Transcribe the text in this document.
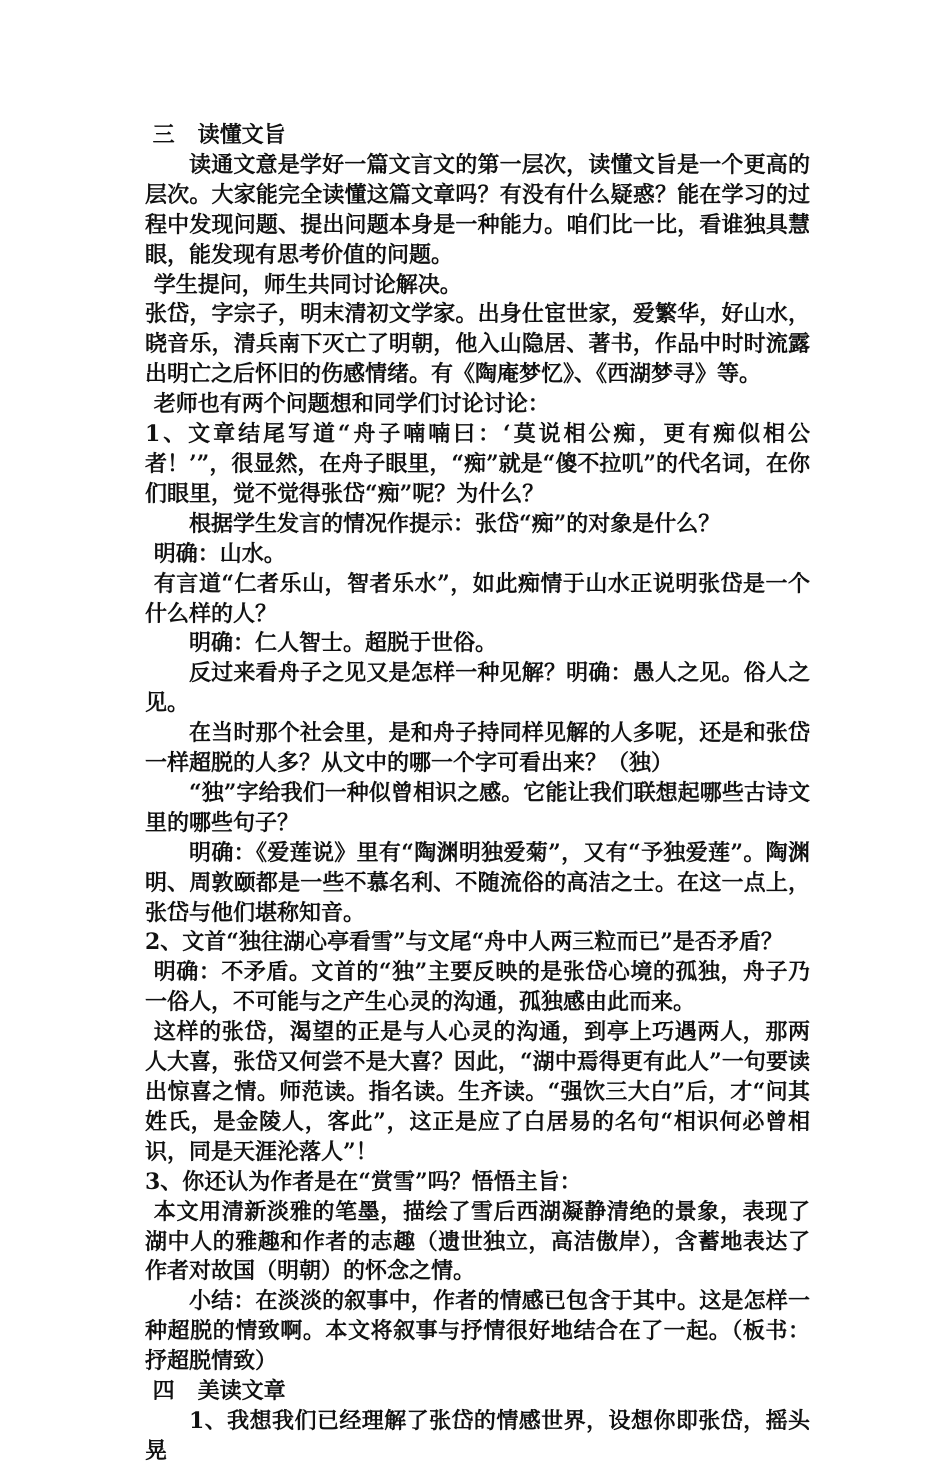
三   读懂文旨

读通文意是学好一篇文言文的第一层次，读懂文旨是一个更高的层次。大家能完全读懂这篇文章吗？有没有什么疑惑？能在学习的过程中发现问题、提出问题本身是一种能力。咱们比一比，看谁独具慧眼，能发现有思考价值的问题。

学生提问，师生共同讨论解决。

张岱，字宗子，明末清初文学家。出身仕宦世家，爱繁华，好山水，晓音乐，清兵南下灭亡了明朝，他入山隐居、著书，作品中时时流露出明亡之后怀旧的伤感情绪。有《陶庵梦忆》、《西湖梦寻》等。

老师也有两个问题想和同学们讨论讨论：

1、文章结尾写道“舟子喃喃曰：‘莫说相公痴，更有痴似相公者！’”，很显然，在舟子眼里，“痴”就是“傻不拉叽”的代名词，在你们眼里，觉不觉得张岱“痴”呢？为什么？

根据学生发言的情况作提示：张岱“痴”的对象是什么？

明确：山水。

有言道“仁者乐山，智者乐水”，如此痴情于山水正说明张岱是一个什么样的人？

明确：仁人智士。超脱于世俗。

反过来看舟子之见又是怎样一种见解？明确：愚人之见。俗人之见。

在当时那个社会里，是和舟子持同样见解的人多呢，还是和张岱一样超脱的人多？从文中的哪一个字可看出来？（独）

“独”字给我们一种似曾相识之感。它能让我们联想起哪些古诗文里的哪些句子？

明确：《爱莲说》里有“陶渊明独爱菊”，又有“予独爱莲”。陶渊明、周敦颐都是一些不慕名利、不随流俗的高洁之士。在这一点上，张岱与他们堪称知音。

2、文首“独往湖心亭看雪”与文尾“舟中人两三粒而已”是否矛盾？

明确：不矛盾。文首的“独”主要反映的是张岱心境的孤独，舟子乃一俗人，不可能与之产生心灵的沟通，孤独感由此而来。

这样的张岱，渴望的正是与人心灵的沟通，到亭上巧遇两人，那两人大喜，张岱又何尝不是大喜？因此，“湖中焉得更有此人”一句要读出惊喜之情。师范读。指名读。生齐读。“强饮三大白”后，才“问其姓氏，是金陵人，客此”，这正是应了白居易的名句“相识何必曾相识，同是天涯沦落人”！

3、你还认为作者是在“赏雪”吗？悟悟主旨：

本文用清新淡雅的笔墨，描绘了雪后西湖凝静清绝的景象，表现了湖中人的雅趣和作者的志趣（遗世独立，高洁傲岸），含蓄地表达了作者对故国（明朝）的怀念之情。

小结：在淡淡的叙事中，作者的情感已包含于其中。这是怎样一种超脱的情致啊。本文将叙事与抒情很好地结合在了一起。（板书：抒超脱情致）

四   美读文章

1、我想我们已经理解了张岱的情感世界，设想你即张岱，摇头晃
